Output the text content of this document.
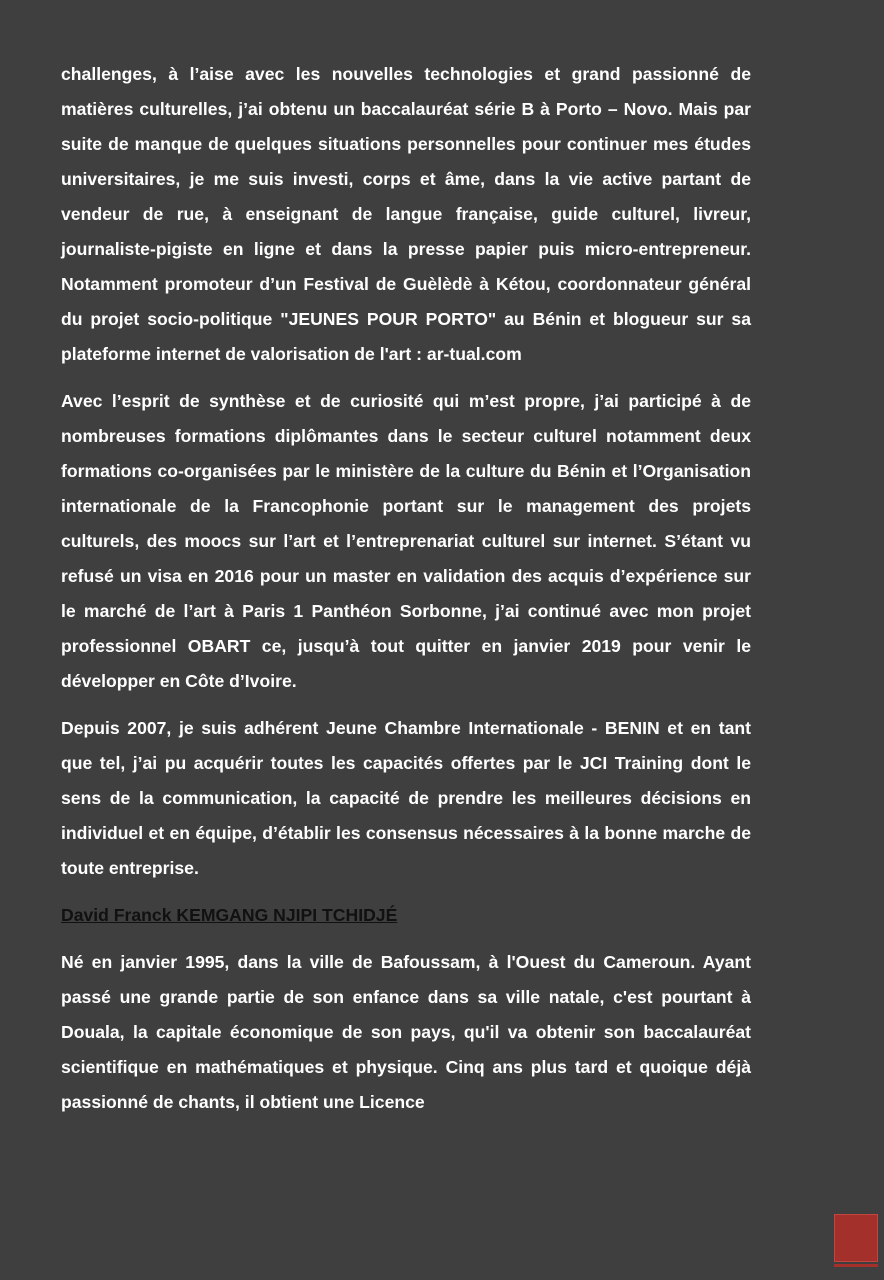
challenges, à l’aise avec les nouvelles technologies et grand passionné de matières culturelles, j’ai obtenu un baccalauréat série B à Porto – Novo. Mais par suite de manque de quelques situations personnelles pour continuer mes études universitaires, je me suis investi, corps et âme, dans la vie active partant de vendeur de rue, à enseignant de langue française, guide culturel, livreur, journaliste-pigiste en ligne et dans la presse papier puis micro-entrepreneur. Notamment promoteur d’un Festival de Guèlèdè à Kétou, coordonnateur général du projet socio-politique "JEUNES POUR PORTO" au Bénin et blogueur sur sa plateforme internet de valorisation de l'art : ar-tual.com

Avec l’esprit de synthèse et de curiosité qui m’est propre, j’ai participé à de nombreuses formations diplômantes dans le secteur culturel notamment deux formations co-organisées par le ministère de la culture du Bénin et l’Organisation internationale de la Francophonie portant sur le management des projets culturels, des moocs sur l’art et l’entreprenariat culturel sur internet. S’étant vu refusé un visa en 2016 pour un master en validation des acquis d’expérience sur le marché de l’art à Paris 1 Panthéon Sorbonne, j’ai continué avec mon projet professionnel OBART ce, jusqu’à tout quitter en janvier 2019 pour venir le développer en Côte d’Ivoire.

Depuis 2007, je suis adhérent Jeune Chambre Internationale - BENIN et en tant que tel, j’ai pu acquérir toutes les capacités offertes par le JCI Training dont le sens de la communication, la capacité de prendre les meilleures décisions en individuel et en équipe, d’établir les consensus nécessaires à la bonne marche de toute entreprise.

David Franck KEMGANG NJIPI TCHIDJÉ

Né en janvier 1995, dans la ville de Bafoussam, à l'Ouest du Cameroun. Ayant passé une grande partie de son enfance dans sa ville natale, c'est pourtant à Douala, la capitale économique de son pays, qu'il va obtenir son baccalauréat scientifique en mathématiques et physique. Cinq ans plus tard et quoique déjà passionné de chants, il obtient une Licence
